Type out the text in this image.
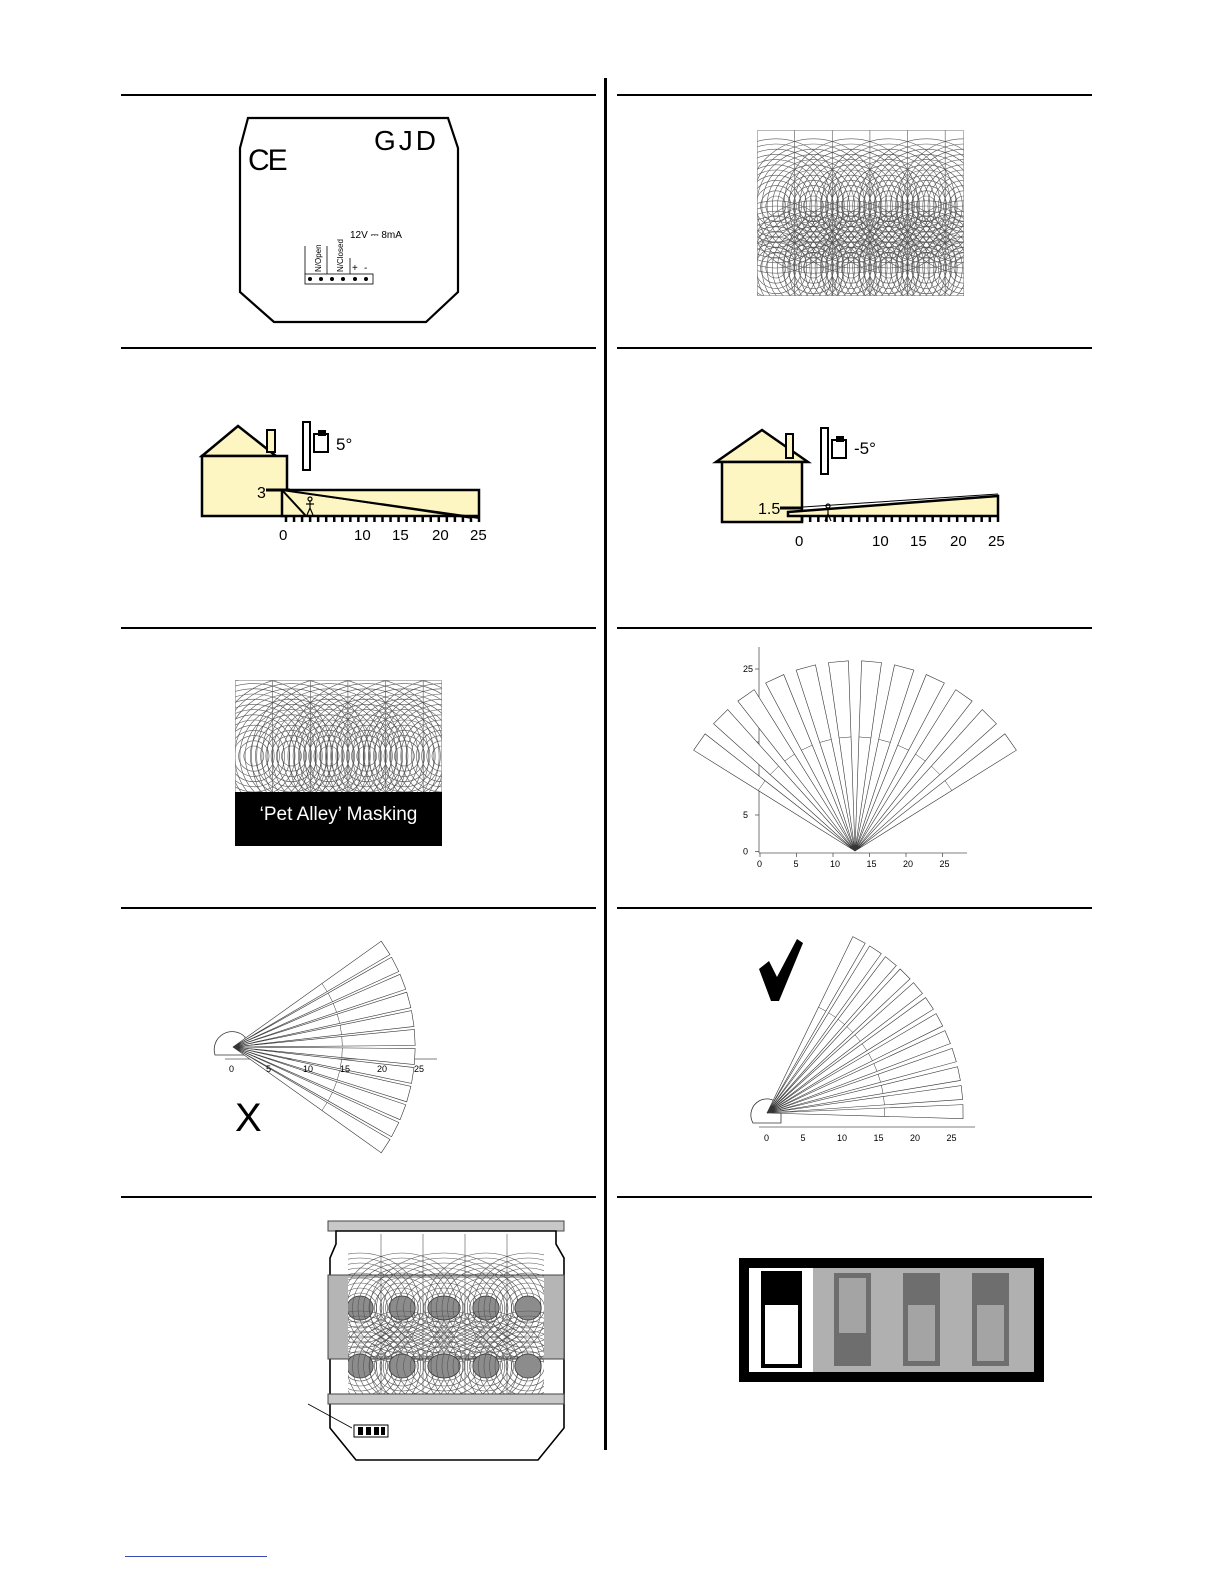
CE
GJD
12V ⎓ 8mA
N/Open N/Closed + -
5°
3
0	10 15 20 25
-5°
1.5
0	10 15 20 25
25
5
0
0	5	10	15	20	25
0	5	10	15	20	25
X	0	5	10	15	20	25
‘Pet Alley’ Masking
